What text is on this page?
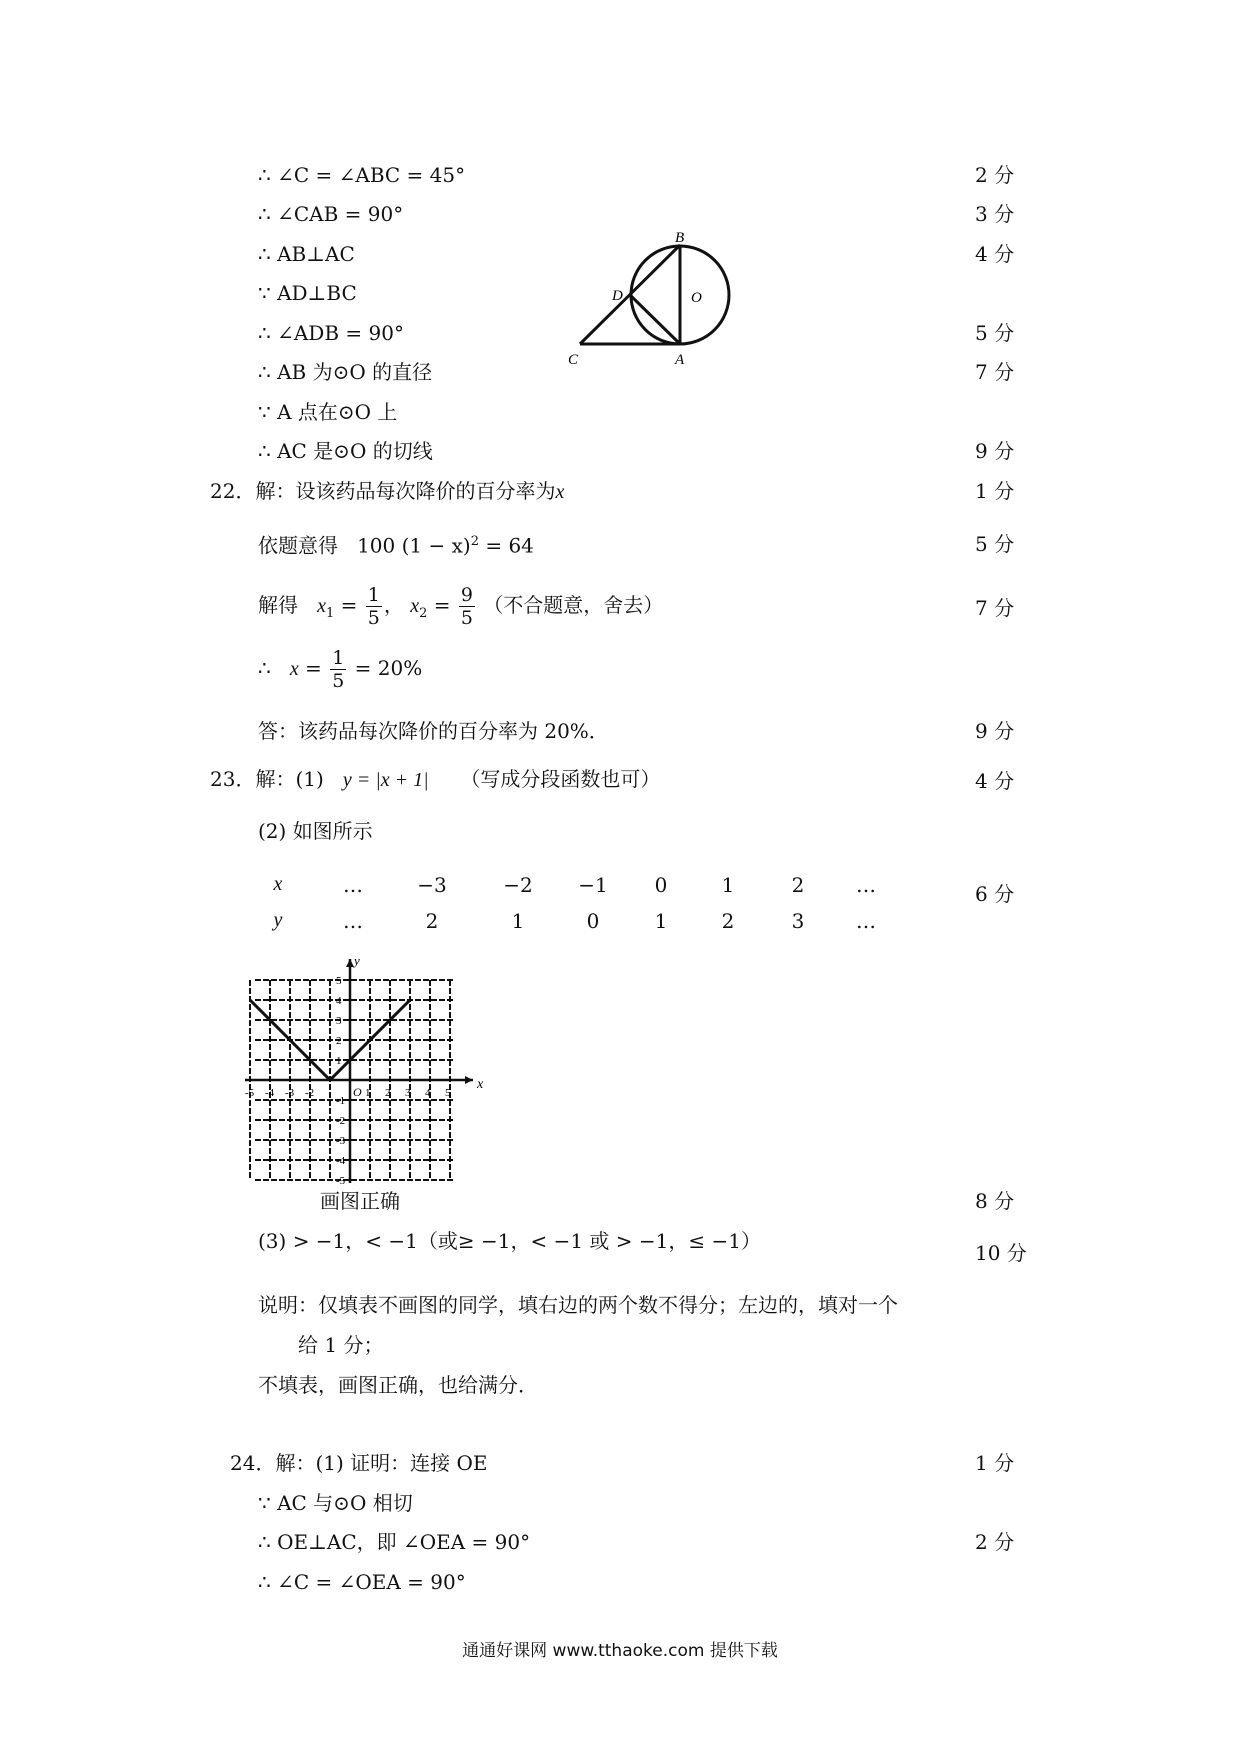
∴ ∠C = ∠ABC = 45°	2 分
∴ ∠CAB = 90°	3 分
∴ AB⊥AC	4 分
∵ AD⊥BC
∴ ∠ADB = 90°	5 分
∴ AB 为⊙O 的直径	7 分
∵ A 点在⊙O 上
∴ AC 是⊙O 的切线	9 分
B
D	O
C	A
22．解：设该药品每次降价的百分率为x	1 分
依题意得 100 $(1 - x)^2 = 64$	5 分
解得 $x_1 = \frac{1}{5}$ ， $x_2 = \frac{9}{5}$ （不合题意，舍去）	7 分
∴ $x = \frac{1}{5} = 20\%$
答：该药品每次降价的百分率为 20%．	9 分
23．解：(1) y = |x + 1| （写成分段函数也可）	4 分
(2) 如图所示
x	…	−3	−2	−1	0	1	2	…
y	…	2	1	0	1	2	3	…
6 分
x
y
O
-5 -4 -3 -2	1 2 3 4 5
5
4
3
2
1
-1
-2
-3
-4
-5
画图正确	8 分
(3) > −1，< −1（或≥ −1，< −1 或 > −1，≤ −1）	10 分
说明：仅填表不画图的同学，填右边的两个数不得分；左边的，填对一个
给 1 分；
不填表，画图正确，也给满分．
24．解：(1) 证明：连接 OE	1 分
∵ AC 与⊙O 相切
∴ OE⊥AC，即 ∠OEA = 90°	2 分
∴ ∠C = ∠OEA = 90°
通通好课网 www.tthaoke.com 提供下载
